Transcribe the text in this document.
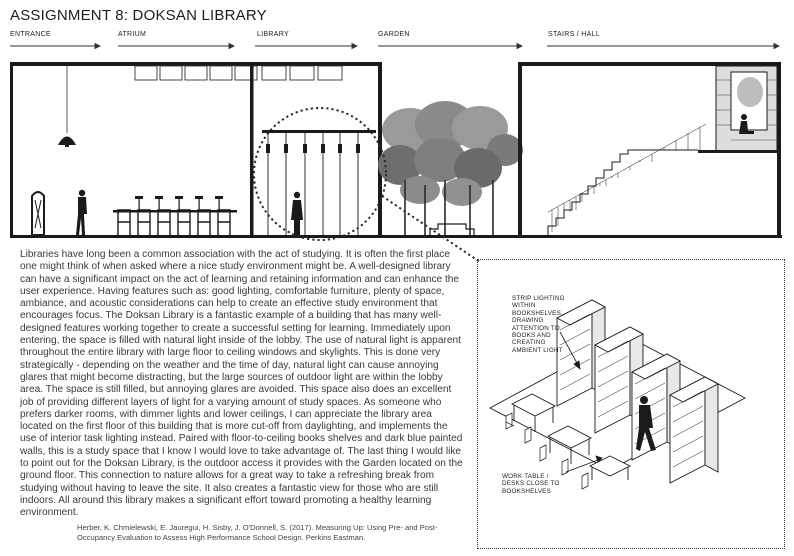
ASSIGNMENT 8: DOKSAN LIBRARY
ENTRANCE	ATRIUM	LIBRARY	GARDEN	STAIRS / HALL
STRIP LIGHTING WITHIN BOOKSHELVES, DRAWING ATTENTION TO BOOKS AND CREATING AMBIENT LIGHT
WORK TABLE / DESKS CLOSE TO BOOKSHELVES
Libraries have long been a common association with the act of studying. It is often the first place one might think of when asked where a nice study environment might be. A well-designed library can have a significant impact on the act of learning and retaining information and can enhance the user experience. Having features such as: good lighting, comfortable furniture, plenty of space, ambiance, and acoustic considerations can help to create an effective study environment that encourages focus. The Doksan Library is a fantastic example of a building that has many well-designed features working together to create a successful setting for learning. Immediately upon entering, the space is filled with natural light inside of the lobby. The use of natural light is apparent throughout the entire library with large floor to ceiling windows and skylights. This is done very strategically - depending on the weather and the time of day, natural light can cause annoying glares that might become distracting, but the large sources of outdoor light are within the lobby area. The space is still filled, but annoying glares are avoided. This space also does an excellent job of providing different layers of light for a varying amount of study spaces. As someone who prefers darker rooms, with dimmer lights and lower ceilings, I can appreciate the library area located on the first floor of this building that is more cut-off from daylighting, and implements the use of interior task lighting instead. Paired with floor-to-ceiling books shelves and dark blue painted walls, this is a study space that I know I would love to take advantage of. The last thing I would like to point out for the Doksan Library, is the outdoor access it provides with the Garden located on the ground floor. This connection to nature allows for a great way to take a refreshing break from studying without having to leave the site. It also creates a fantastic view for those who are still indoors. All around this library makes a significant effort toward promoting a healthy learning environment.
Herber, K. Chmielewski, E. Jauregui, H. Sisby, J. O'Donnell, S. (2017). Measuring Up: Using Pre- and Post- Occupancy Evaluation to Assess High Performance School Design. Perkins Eastman.
